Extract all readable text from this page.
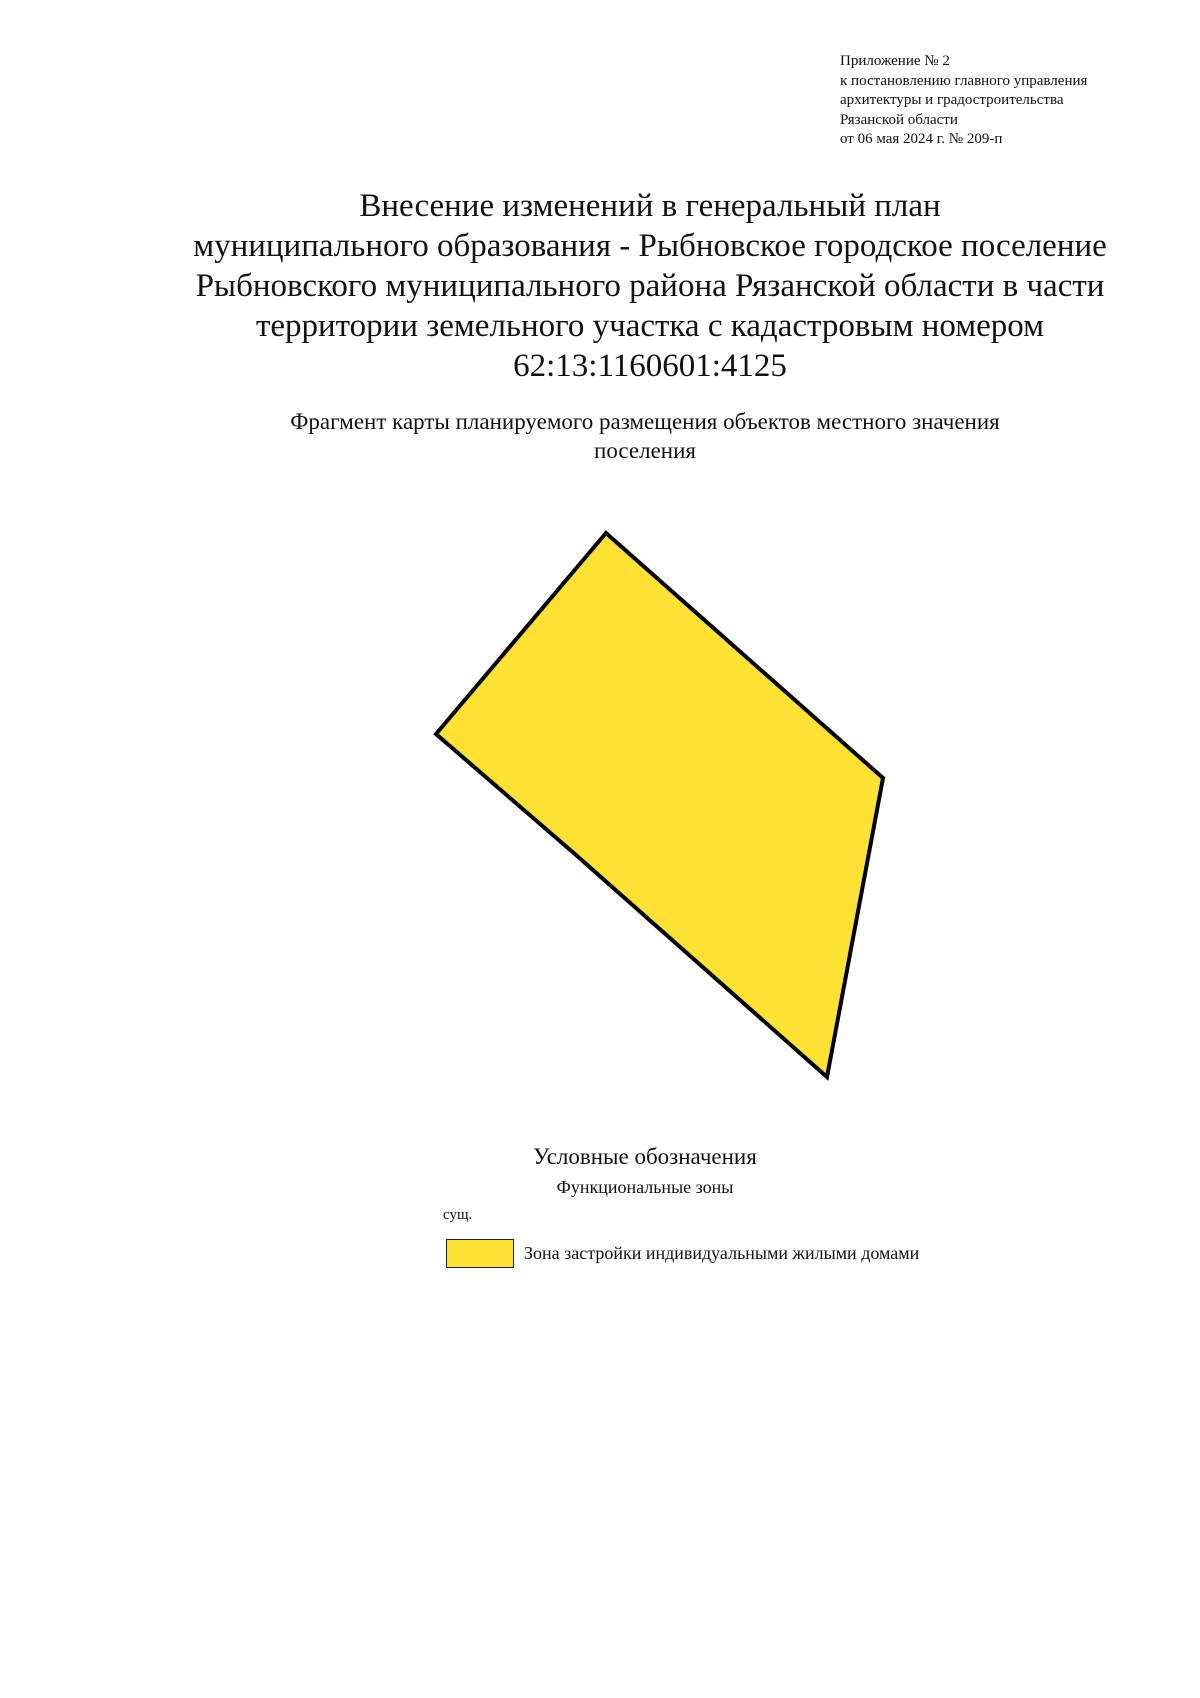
Приложение № 2
к постановлению главного управления
архитектуры и градостроительства
Рязанской области
от 06 мая 2024 г. № 209-п
Внесение изменений в генеральный план
муниципального образования - Рыбновское городское поселение
Рыбновского муниципального района Рязанской области в части
территории земельного участка с кадастровым номером
62:13:1160601:4125
Фрагмент карты планируемого размещения объектов местного значения
поселения
Условные обозначения
Функциональные зоны
сущ.
Зона застройки индивидуальными жилыми домами
